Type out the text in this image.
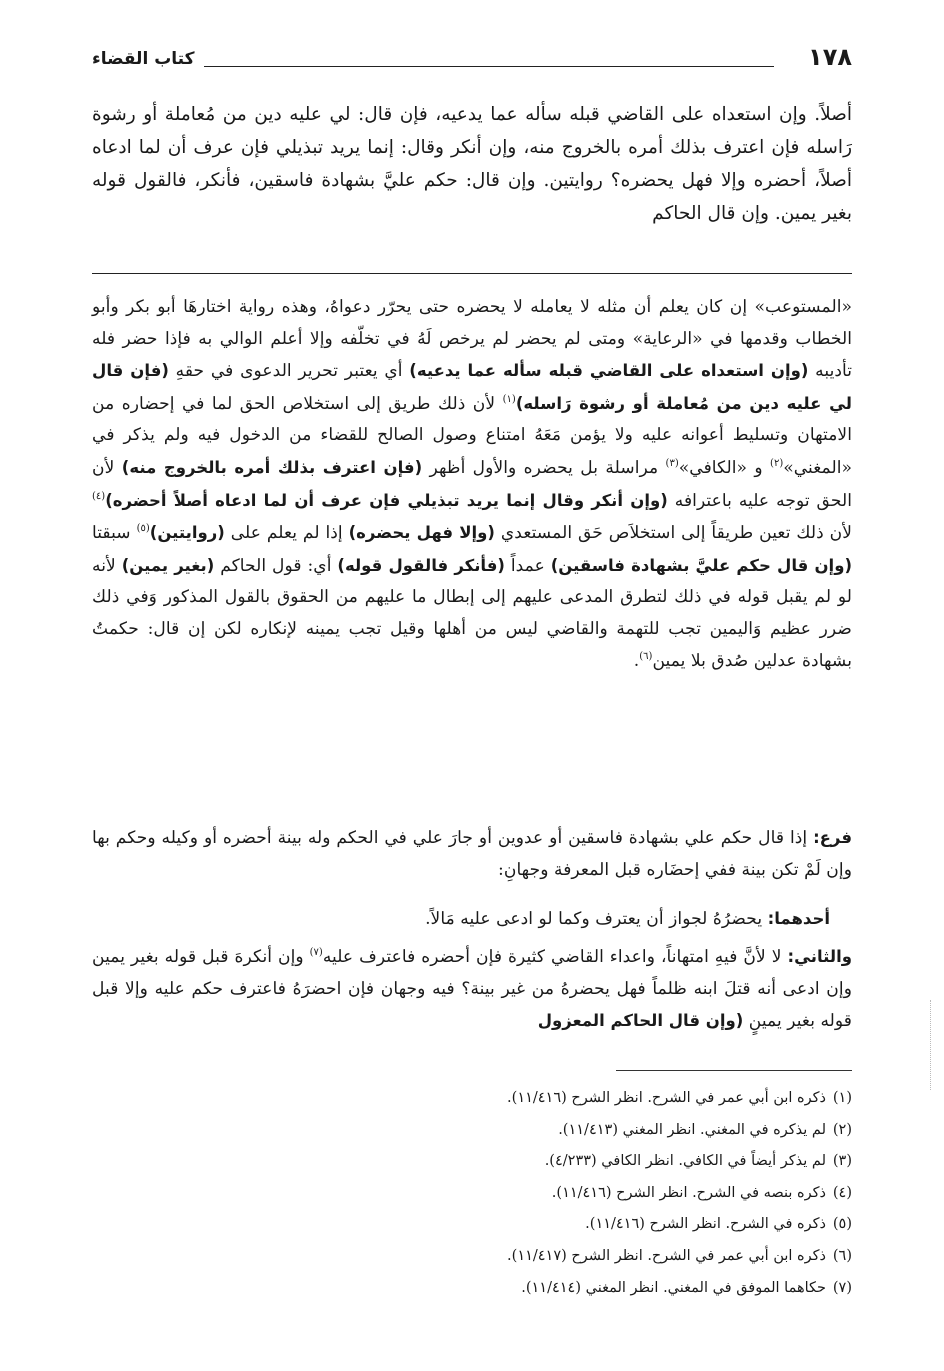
١٧٨
كتاب القضاء

أصلاً. وإن استعداه على القاضي قبله سأله عما يدعيه، فإن قال: لي عليه دين من مُعاملة أو رشوة رَاسله فإن اعترف بذلك أمره بالخروج منه، وإن أنكر وقال: إنما يريد تبذيلي فإن عرف أن لما ادعاه أصلاً، أحضره وإلا فهل يحضره؟ روايتين. وإن قال: حكم عليَّ بشهادة فاسقين، فأنكر، فالقول قوله بغير يمين. وإن قال الحاكم

«المستوعب» إن كان يعلم أن مثله لا يعامله لا يحضره حتى يحرّر دعواهُ، وهذه رواية اختارهَا أبو بكر وأبو الخطاب وقدمها في «الرعاية» ومتى لم يحضر لم يرخص لَهُ في تخلّفه وإلا أعلم الوالي به فإذا حضر فله تأديبه (وإن استعداه على القاضي قبله سأله عما يدعيه) أي يعتبر تحرير الدعوى في حقهِ (فإن قال لي عليه دين من مُعاملة أو رشوة رَاسله)$^{(١)}$ لأن ذلك طريق إلى استخلاص الحق لما في إحضاره من الامتهان وتسليط أعوانه عليه ولا يؤمن مَعَهُ امتناع وصول الصالح للقضاء من الدخول فيه ولم يذكر في «المغني»$^{(٢)}$ و «الكافي»$^{(٣)}$ مراسلة بل يحضره والأول أظهر (فإن اعترف بذلك أمره بالخروج منه) لأن الحق توجه عليه باعترافه (وإن أنكر وقال إنما يريد تبذيلي فإن عرف أن لما ادعاه أصلاً أحضره)$^{(٤)}$ لأن ذلك تعين طريقاً إلى استخلاَص حَق المستعدي (وإلا فهل يحضره) إذا لم يعلم على (روايتين)$^{(٥)}$ سبقتا (وإن قال حكم عليَّ بشهادة فاسقين) عمداً (فأنكر فالقول قوله) أي: قول الحاكم (بغير يمين) لأنه لو لم يقبل قوله في ذلك لتطرق المدعى عليهم إلى إبطال ما عليهم من الحقوق بالقول المذكور وَفي ذلك ضرر عظيم وَاليمين تجب للتهمة والقاضي ليس من أهلها وقيل تجب يمينه لإنكاره لكن إن قال: حكمتُ بشهادة عدلين صُدق بلا يمين$^{(٦)}$.

فرع: إذا قال حكم علي بشهادة فاسقين أو عدوين أو جارَ علي في الحكم وله بينة أحضره أو وكيله وحكم بها وإن لَمْ تكن بينة ففي إحضَاره قبل المعرفة وجهانِ:

أحدهما: يحضرُهُ لجواز أن يعترف وكما لو ادعى عليه مَالاً.

والثاني: لا لأنَّ فيهِ امتهاناً، واعداء القاضي كثيرة فإن أحضره فاعترف عليه$^{(٧)}$ وإن أنكرهَ قبل قوله بغير يمين وإن ادعى أنه قتلَ ابنه ظلماً فهل يحضرهُ من غير بينة؟ فيه وجهان فإن احضرَهُ فاعترف حكم عليه وإلا قبل قوله بغير يمينٍ (وإن قال الحاكم المعزول

(١)ذكره ابن أبي عمر في الشرح. انظر الشرح (١١/٤١٦).
(٢)لم يذكره في المغني. انظر المغني (١١/٤١٣).
(٣)لم يذكر أيضاً في الكافي. انظر الكافي (٤/٢٣٣).
(٤)ذكره بنصه في الشرح. انظر الشرح (١١/٤١٦).
(٥)ذكره في الشرح. انظر الشرح (١١/٤١٦).
(٦)ذكره ابن أبي عمر في الشرح. انظر الشرح (١١/٤١٧).
(٧)حكاهما الموفق في المغني. انظر المغني (١١/٤١٤).
